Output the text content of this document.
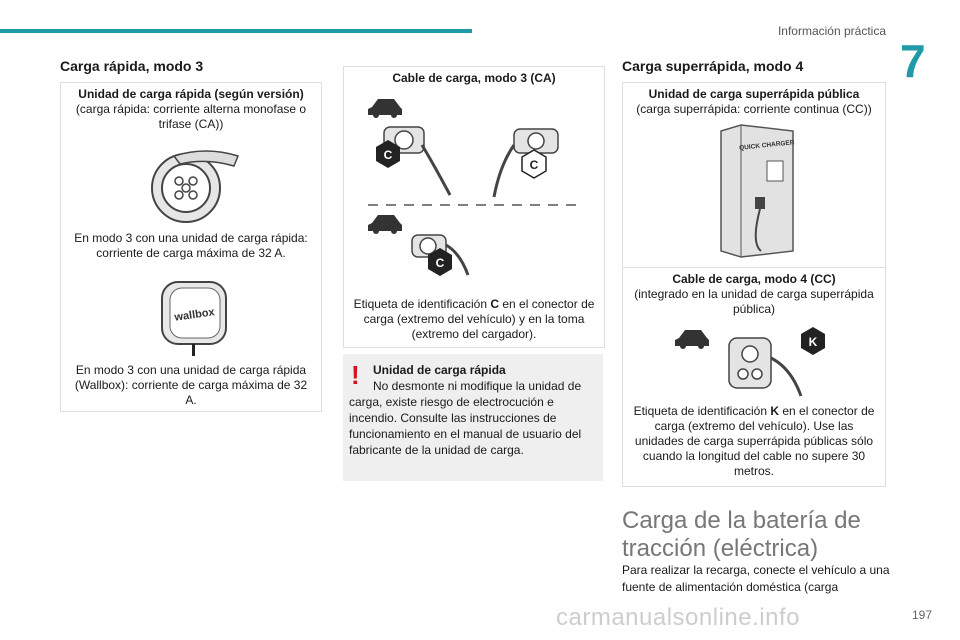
Información práctica
7
Carga rápida, modo 3
Unidad de carga rápida (según versión)
(carga rápida: corriente alterna monofase o trifase (CA))
En modo 3 con una unidad de carga rápida: corriente de carga máxima de 32 A.
wallbox
En modo 3 con una unidad de carga rápida (Wallbox): corriente de carga máxima de 32 A.
Cable de carga, modo 3 (CA)
C
C
C
Etiqueta de identificación C en el conector de carga (extremo del vehículo) y en la toma (extremo del cargador).
!	Unidad de carga rápida
No desmonte ni modifique la unidad de carga, existe riesgo de electrocución e incendio. Consulte las instrucciones de funcionamiento en el manual de usuario del fabricante de la unidad de carga.
Carga superrápida, modo 4
Unidad de carga superrápida pública
(carga superrápida: corriente continua (CC))
QUICK CHARGER
Cable de carga, modo 4 (CC)
(integrado en la unidad de carga superrápida pública)
K
Etiqueta de identificación K en el conector de carga (extremo del vehículo). Use las unidades de carga superrápida públicas sólo cuando la longitud del cable no supere 30 metros.
Carga de la batería de tracción (eléctrica)
Para realizar la recarga, conecte el vehículo a una fuente de alimentación doméstica (carga
carmanualsonline.info	197
